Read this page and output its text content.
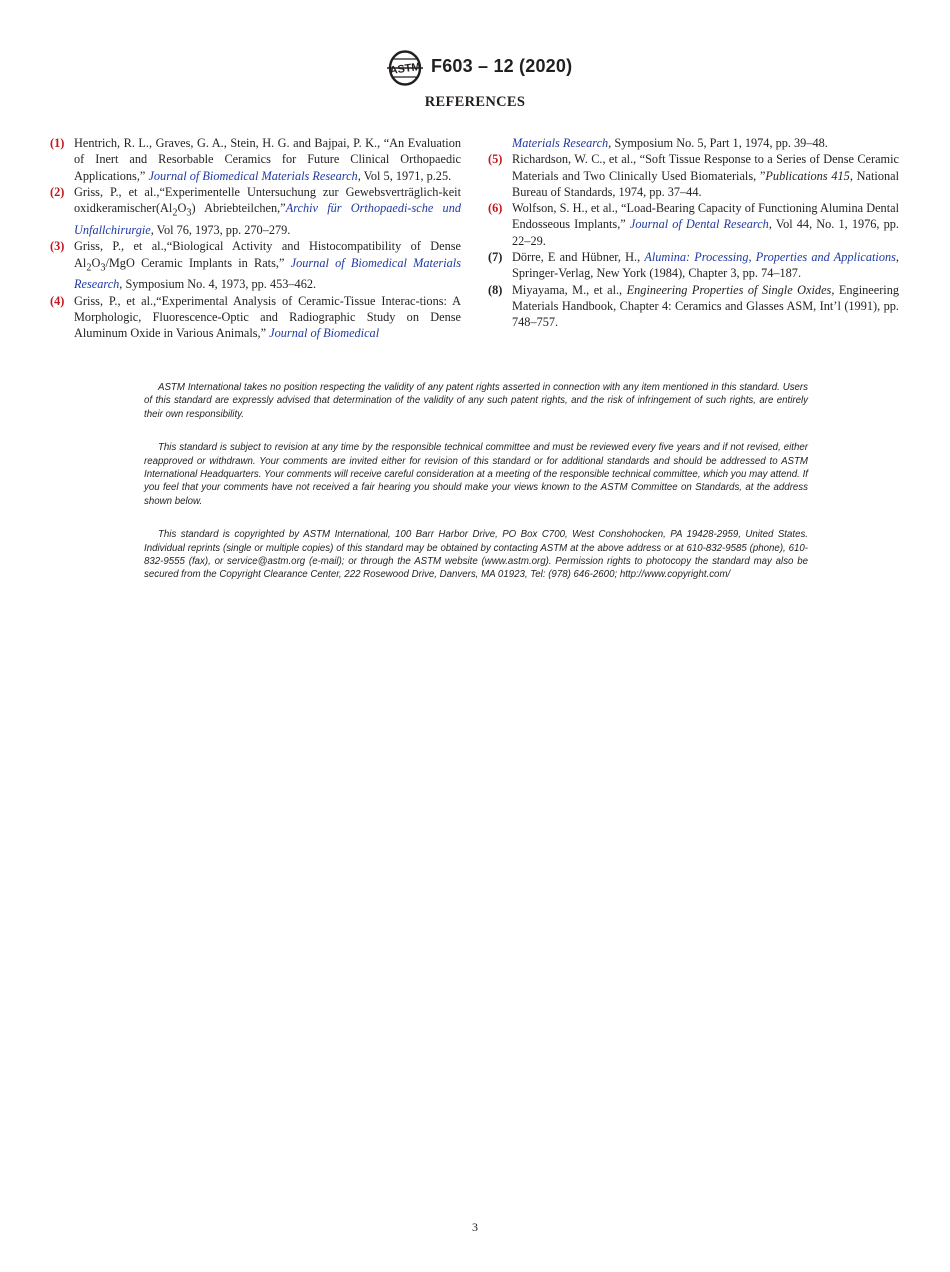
ASTM F603 – 12 (2020)
REFERENCES

(1) Hentrich, R. L., Graves, G. A., Stein, H. G. and Bajpai, P. K., “An Evaluation of Inert and Resorbable Ceramics for Future Clinical Orthopaedic Applications,” Journal of Biomedical Materials Research, Vol 5, 1971, p.25.

(2) Griss, P., et al.,“Experimentelle Untersuchung zur Gewebsverträglich-keit $oxidkeramischer(Al_2O_3)$ Abriebteilchen,”Archiv für Orthopaedi-sche und Unfallchirurgie, Vol 76, 1973, pp. 270–279.

(3) Griss, P., et al.,“Biological Activity and Histocompatibility of Dense $Al_2O_3$/MgO Ceramic Implants in Rats,” Journal of Biomedical Materials Research, Symposium No. 4, 1973, pp. 453–462.

(4) Griss, P., et al.,“Experimental Analysis of Ceramic-Tissue Interac-tions: A Morphologic, Fluorescence-Optic and Radiographic Study on Dense Aluminum Oxide in Various Animals,” Journal of Biomedical

Materials Research, Symposium No. 5, Part 1, 1974, pp. 39–48.

(5) Richardson, W. C., et al., “Soft Tissue Response to a Series of Dense Ceramic Materials and Two Clinically Used Biomaterials, ”Publications 415, National Bureau of Standards, 1974, pp. 37–44.

(6) Wolfson, S. H., et al., “Load-Bearing Capacity of Functioning Alumina Dental Endosseous Implants,” Journal of Dental Research, Vol 44, No. 1, 1976, pp. 22–29.

(7) Dörre, E and Hübner, H., Alumina: Processing, Properties and Applications, Springer-Verlag, New York (1984), Chapter 3, pp. 74–187.

(8) Miyayama, M., et al., Engineering Properties of Single Oxides, Engineering Materials Handbook, Chapter 4: Ceramics and Glasses ASM, Int’l (1991), pp. 748–757.

ASTM International takes no position respecting the validity of any patent rights asserted in connection with any item mentioned in this standard. Users of this standard are expressly advised that determination of the validity of any such patent rights, and the risk of infringement of such rights, are entirely their own responsibility.

This standard is subject to revision at any time by the responsible technical committee and must be reviewed every five years and if not revised, either reapproved or withdrawn. Your comments are invited either for revision of this standard or for additional standards and should be addressed to ASTM International Headquarters. Your comments will receive careful consideration at a meeting of the responsible technical committee, which you may attend. If you feel that your comments have not received a fair hearing you should make your views known to the ASTM Committee on Standards, at the address shown below.

This standard is copyrighted by ASTM International, 100 Barr Harbor Drive, PO Box C700, West Conshohocken, PA 19428-2959, United States. Individual reprints (single or multiple copies) of this standard may be obtained by contacting ASTM at the above address or at 610-832-9585 (phone), 610-832-9555 (fax), or service@astm.org (e-mail); or through the ASTM website (www.astm.org). Permission rights to photocopy the standard may also be secured from the Copyright Clearance Center, 222 Rosewood Drive, Danvers, MA 01923, Tel: (978) 646-2600; http://www.copyright.com/

3
